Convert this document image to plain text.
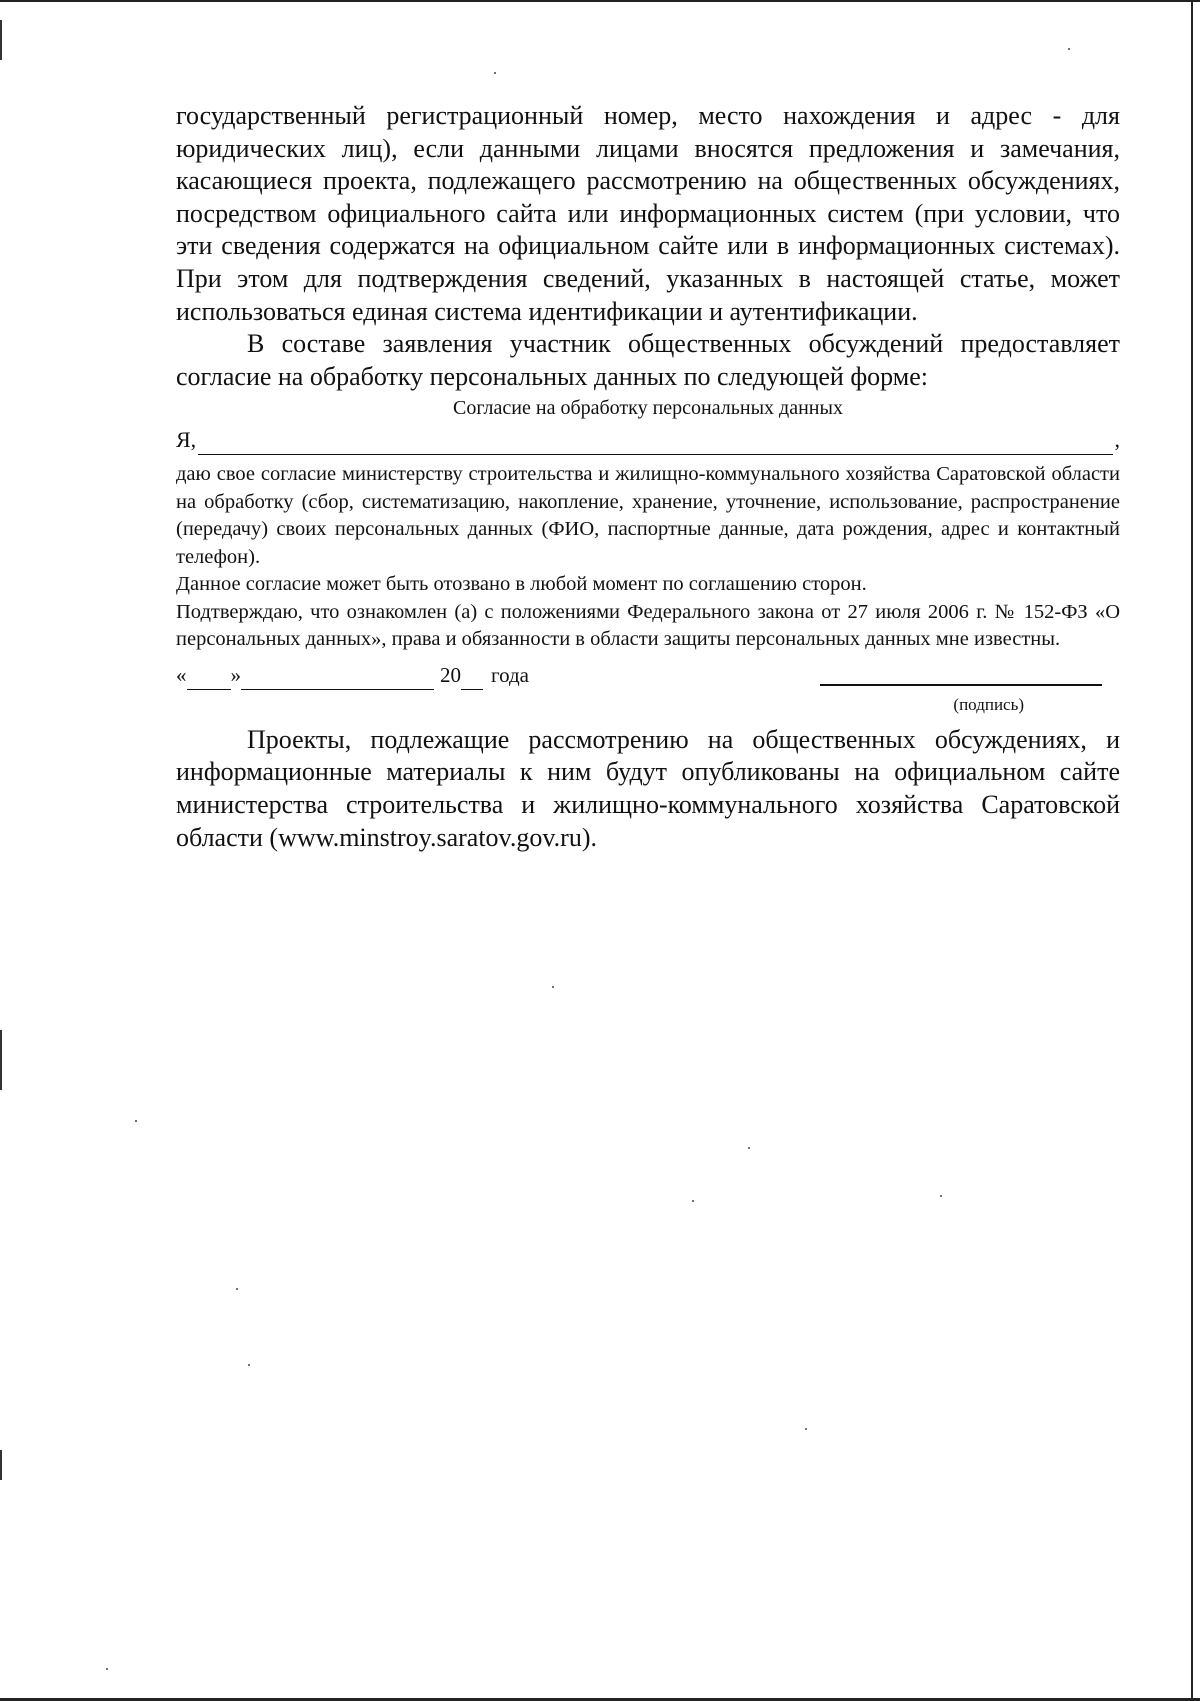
государственный регистрационный номер, место нахождения и адрес - для юридических лиц), если данными лицами вносятся предложения и замечания, касающиеся проекта, подлежащего рассмотрению на общественных обсуждениях, посредством официального сайта или информационных систем (при условии, что эти сведения содержатся на официальном сайте или в информационных системах). При этом для подтверждения сведений, указанных в настоящей статье, может использоваться единая система идентификации и аутентификации.

В составе заявления участник общественных обсуждений предоставляет согласие на обработку персональных данных по следующей форме:

Согласие на обработку персональных данных
Я,	,

даю свое согласие министерству строительства и жилищно-коммунального хозяйства Саратовской области на обработку (сбор, систематизацию, накопление, хранение, уточнение, использование, распространение (передачу) своих персональных данных (ФИО, паспортные данные, дата рождения, адрес и контактный телефон).

Данное согласие может быть отозвано в любой момент по соглашению сторон.

Подтверждаю, что ознакомлен (а) с положениями Федерального закона от 27 июля 2006 г. № 152-ФЗ «О персональных данных», права и обязанности в области защиты персональных данных мне известны.

« »	20 года
(подпись)

Проекты, подлежащие рассмотрению на общественных обсуждениях, и информационные материалы к ним будут опубликованы на официальном сайте министерства строительства и жилищно-коммунального хозяйства Саратовской области (www.minstroy.saratov.gov.ru).
